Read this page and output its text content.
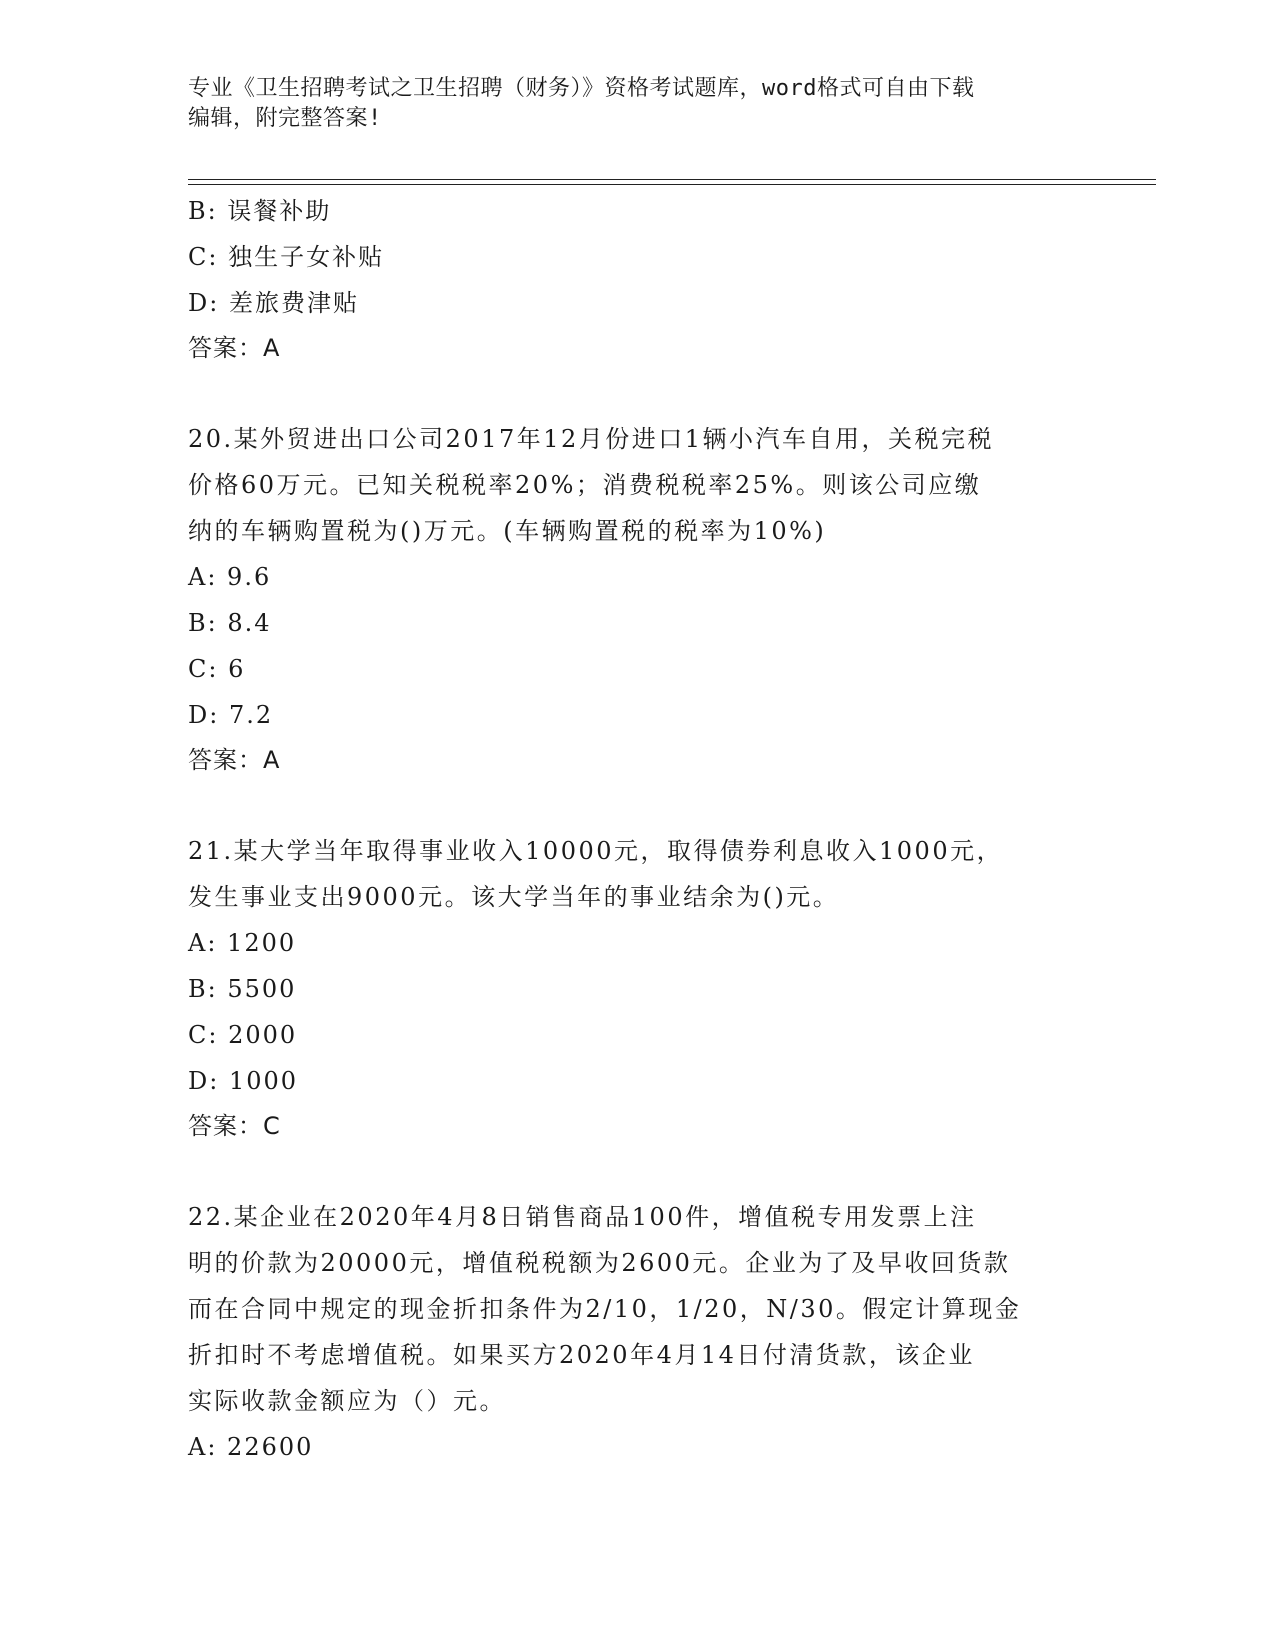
专业《卫生招聘考试之卫生招聘（财务）》资格考试题库，word格式可自由下载
编辑，附完整答案!
B: 误餐补助
C: 独生子女补贴
D: 差旅费津贴
答案：A
20.某外贸进出口公司2017年12月份进口1辆小汽车自用，关税完税
价格60万元。已知关税税率20%；消费税税率25%。则该公司应缴
纳的车辆购置税为()万元。(车辆购置税的税率为10%)
A: 9.6
B: 8.4
C: 6
D: 7.2
答案：A
21.某大学当年取得事业收入10000元，取得债券利息收入1000元，
发生事业支出9000元。该大学当年的事业结余为()元。
A: 1200
B: 5500
C: 2000
D: 1000
答案：C
22.某企业在2020年4月8日销售商品100件，增值税专用发票上注
明的价款为20000元，增值税税额为2600元。企业为了及早收回货款
而在合同中规定的现金折扣条件为2/10，1/20，N/30。假定计算现金
折扣时不考虑增值税。如果买方2020年4月14日付清货款，该企业
实际收款金额应为（）元。
A: 22600
